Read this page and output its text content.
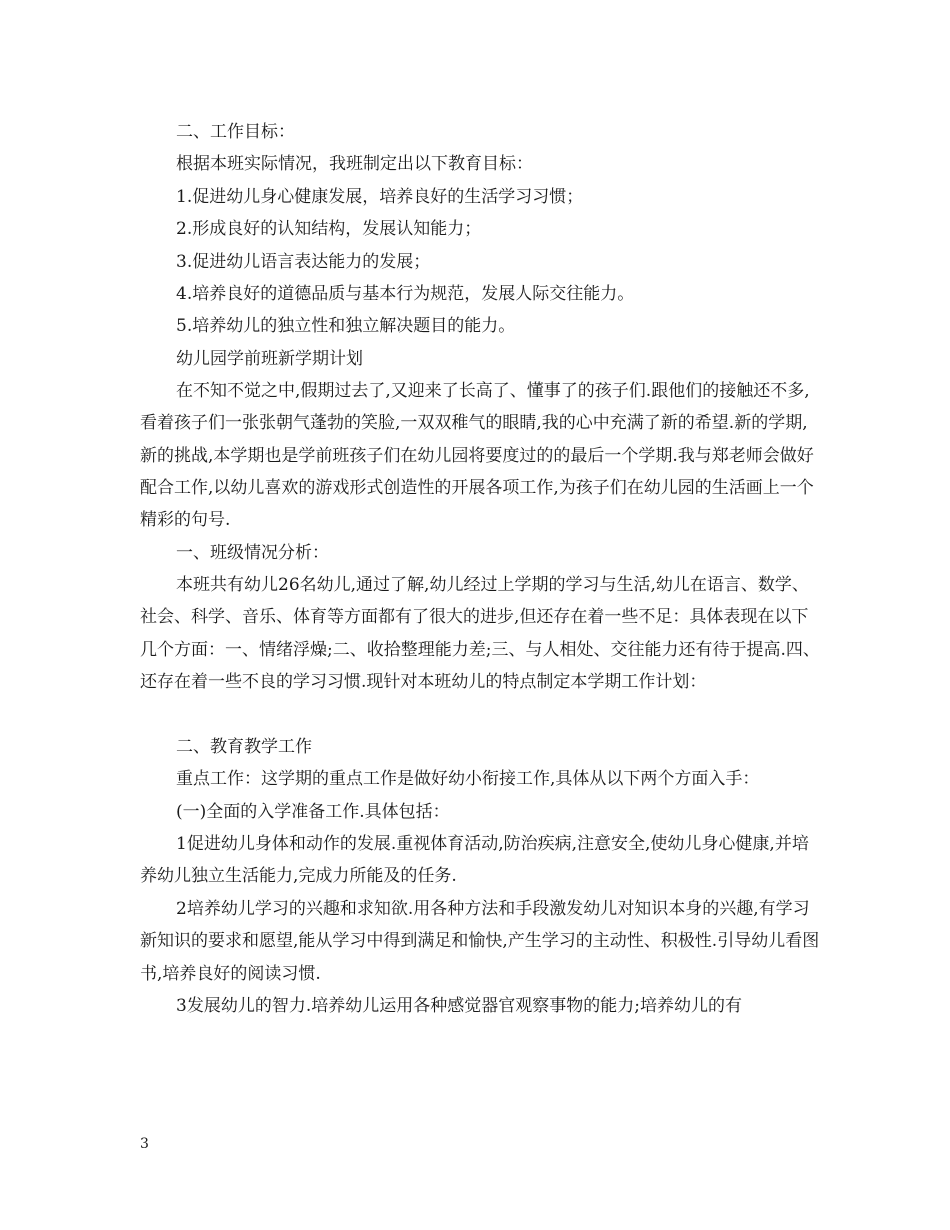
二、工作目标：

根据本班实际情况，我班制定出以下教育目标：

1.促进幼儿身心健康发展，培养良好的生活学习习惯；

2.形成良好的认知结构，发展认知能力；

3.促进幼儿语言表达能力的发展；

4.培养良好的道德品质与基本行为规范，发展人际交往能力。

5.培养幼儿的独立性和独立解决题目的能力。

幼儿园学前班新学期计划

在不知不觉之中,假期过去了,又迎来了长高了、懂事了的孩子们.跟他们的接触还不多,看着孩子们一张张朝气蓬勃的笑脸,一双双稚气的眼睛,我的心中充满了新的希望.新的学期,新的挑战,本学期也是学前班孩子们在幼儿园将要度过的的最后一个学期.我与郑老师会做好配合工作,以幼儿喜欢的游戏形式创造性的开展各项工作,为孩子们在幼儿园的生活画上一个精彩的句号.

一、班级情况分析：

本班共有幼儿26名幼儿,通过了解,幼儿经过上学期的学习与生活,幼儿在语言、数学、社会、科学、音乐、体育等方面都有了很大的进步,但还存在着一些不足：具体表现在以下几个方面：一、情绪浮燥;二、收拾整理能力差;三、与人相处、交往能力还有待于提高.四、还存在着一些不良的学习习惯.现针对本班幼儿的特点制定本学期工作计划：

二、教育教学工作

重点工作：这学期的重点工作是做好幼小衔接工作,具体从以下两个方面入手：

(一)全面的入学准备工作.具体包括：

1促进幼儿身体和动作的发展.重视体育活动,防治疾病,注意安全,使幼儿身心健康,并培养幼儿独立生活能力,完成力所能及的任务.

2培养幼儿学习的兴趣和求知欲.用各种方法和手段激发幼儿对知识本身的兴趣,有学习新知识的要求和愿望,能从学习中得到满足和愉快,产生学习的主动性、积极性.引导幼儿看图书,培养良好的阅读习惯.

3发展幼儿的智力.培养幼儿运用各种感觉器官观察事物的能力;培养幼儿的有

3
